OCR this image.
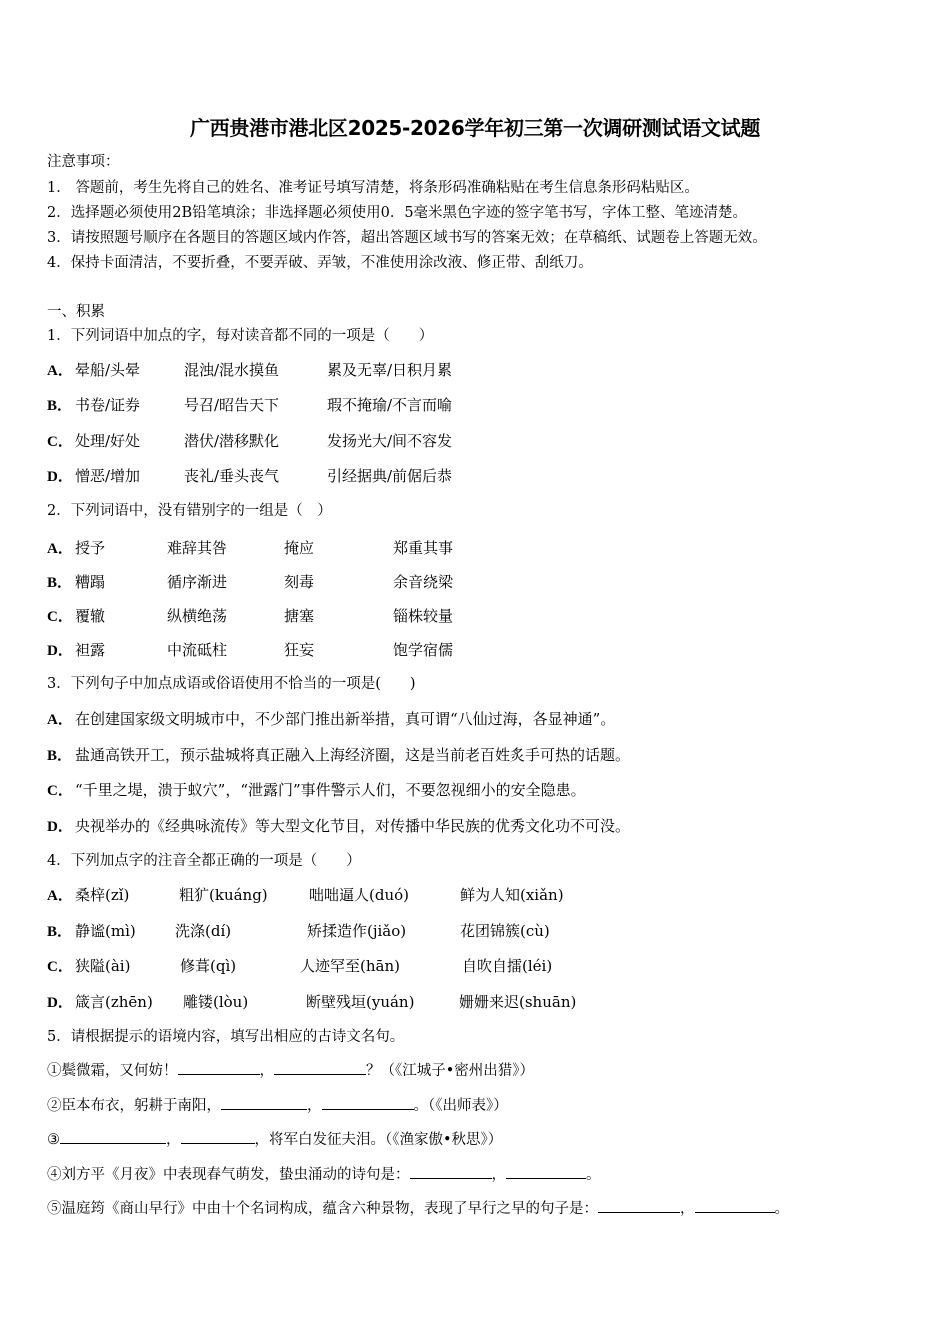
广西贵港市港北区2025-2026学年初三第一次调研测试语文试题
注意事项：
1． 答题前，考生先将自己的姓名、准考证号填写清楚，将条形码准确粘贴在考生信息条形码粘贴区。
2．选择题必须使用2B铅笔填涂；非选择题必须使用0．5毫米黑色字迹的签字笔书写，字体工整、笔迹清楚。
3．请按照题号顺序在各题目的答题区域内作答，超出答题区域书写的答案无效；在草稿纸、试题卷上答题无效。
4．保持卡面清洁，不要折叠，不要弄破、弄皱，不准使用涂改液、修正带、刮纸刀。
一、积累
1．下列词语中加点的字，每对读音都不同的一项是（　　）
A． 晕船/头晕	混浊/混水摸鱼	累及无辜/日积月累
B． 书卷/证券	号召/昭告天下	瑕不掩瑜/不言而喻
C． 处理/好处	潜伏/潜移默化	发扬光大/间不容发
D． 憎恶/增加	丧礼/垂头丧气	引经据典/前倨后恭
2．下列词语中，没有错别字的一组是（　）
A． 授予	难辞其咎	掩应	郑重其事
B． 糟蹋	循序渐进	刻毒	余音绕梁
C． 覆辙	纵横绝荡	搪塞	锱株较量
D． 袒露	中流砥柱	狂妄	饱学宿儒
3．下列句子中加点成语或俗语使用不恰当的一项是(　　)
A． 在创建国家级文明城市中，不少部门推出新举措，真可谓“八仙过海，各显神通”。
B． 盐通高铁开工，预示盐城将真正融入上海经济圈，这是当前老百姓炙手可热的话题。
C． “千里之堤，溃于蚁穴”，“泄露门”事件警示人们，不要忽视细小的安全隐患。
D． 央视举办的《经典咏流传》等大型文化节目，对传播中华民族的优秀文化功不可没。
4．下列加点字的注音全都正确的一项是（　　）
A． 桑梓(zǐ)	粗犷(kuáng)	咄咄逼人(duó)	鲜为人知(xiǎn)
B． 静谧(mì)	洗涤(dí)	矫揉造作(jiǎo)	花团锦簇(cù)
C． 狭隘(ài)	修葺(qì)	人迹罕至(hān)	自吹自擂(léi)
D． 箴言(zhēn) 雕镂(lòu)	断壁残垣(yuán)	姗姗来迟(shuān)
5．请根据提示的语境内容，填写出相应的古诗文名句。
①鬓微霜，又何妨！	，	？（《江城子•密州出猎》）
②臣本布衣，躬耕于南阳，	，	。（《出师表》）
③	，	，将军白发征夫泪。（《渔家傲•秋思》）
④刘方平《月夜》中表现春气萌发，蛰虫涌动的诗句是：	，	。
⑤温庭筠《商山早行》中由十个名词构成，蕴含六种景物，表现了早行之早的句子是：	，	。
